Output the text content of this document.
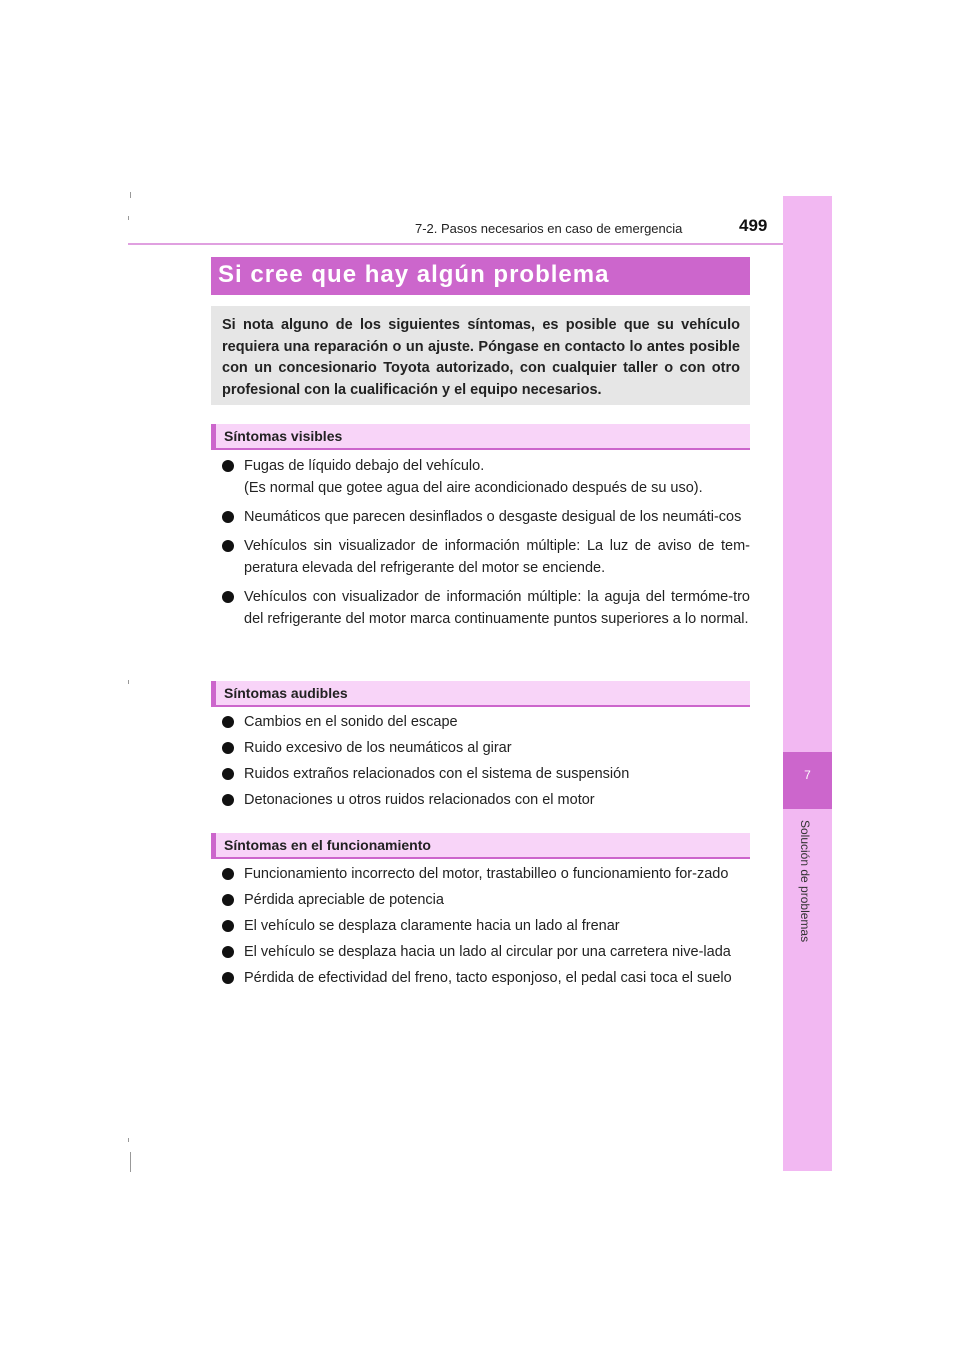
7-2. Pasos necesarios en caso de emergencia	499
7
Solución de problemas
Si cree que hay algún problema
Si nota alguno de los siguientes síntomas, es posible que su vehículo requiera una reparación o un ajuste. Póngase en contacto lo antes posible con un concesionario Toyota autorizado, con cualquier taller o con otro profesional con la cualificación y el equipo necesarios.
Síntomas visibles
Fugas de líquido debajo del vehículo.
(Es normal que gotee agua del aire acondicionado después de su uso).
Neumáticos que parecen desinflados o desgaste desigual de los neumáti-cos
Vehículos sin visualizador de información múltiple: La luz de aviso de tem-peratura elevada del refrigerante del motor se enciende.
Vehículos con visualizador de información múltiple: la aguja del termóme-tro del refrigerante del motor marca continuamente puntos superiores a lo normal.
Síntomas audibles
Cambios en el sonido del escape
Ruido excesivo de los neumáticos al girar
Ruidos extraños relacionados con el sistema de suspensión
Detonaciones u otros ruidos relacionados con el motor
Síntomas en el funcionamiento
Funcionamiento incorrecto del motor, trastabilleo o funcionamiento for-zado
Pérdida apreciable de potencia
El vehículo se desplaza claramente hacia un lado al frenar
El vehículo se desplaza hacia un lado al circular por una carretera nive-lada
Pérdida de efectividad del freno, tacto esponjoso, el pedal casi toca el suelo
